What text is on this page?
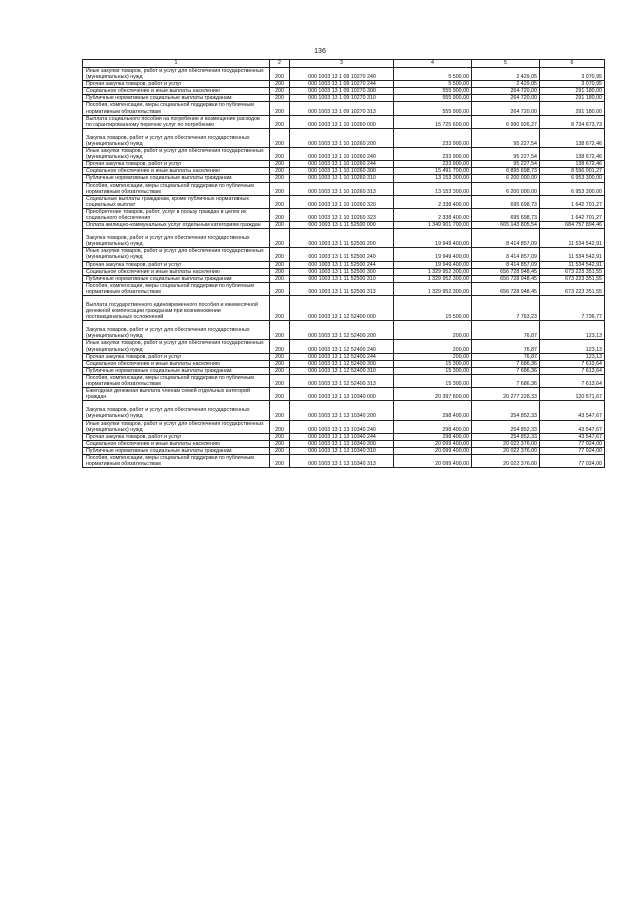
136
1	2	3	4	5	6
Иные закупки товаров, работ и услуг для обеспечения государственных (муниципальных) нужд	200	000 1003 13 1 09 10270 240	5 500,00	2 429,05	3 070,95
Прочая закупка товаров, работ и услуг	200	000 1003 13 1 09 10270 244	5 500,00	2 429,05	3 070,95
Социальное обеспечение и иные выплаты населению	200	000 1003 13 1 09 10270 300	555 900,00	264 720,00	291 180,00
Публичные нормативные социальные выплаты гражданам	200	000 1003 13 1 09 10270 310	555 900,00	264 720,00	291 180,00
Пособия, компенсации, меры социальной поддержки по публичным нормативным обязательствам	200	000 1003 13 1 09 10270 313	555 900,00	264 720,00	291 180,00
Выплата социального пособия на погребение и возмещение расходов по гарантированному перечню услуг по погребению	200	000 1003 13 1 10 10260 000	15 725 600,00	6 990 926,27	8 734 673,73
Закупка товаров, работ и услуг для обеспечения государственных (муниципальных) нужд	200	000 1003 13 1 10 10260 200	233 900,00	95 227,54	138 672,46
Иные закупки товаров, работ и услуг для обеспечения государственных (муниципальных) нужд	200	000 1003 13 1 10 10260 240	233 900,00	95 227,54	138 672,46
Прочая закупка товаров, работ и услуг	200	000 1003 13 1 10 10260 244	233 900,00	95 227,54	138 672,46
Социальное обеспечение и иные выплаты населению	200	000 1003 13 1 10 10260 300	15 491 700,00	6 895 698,73	8 596 001,27
Публичные нормативные социальные выплаты гражданам	200	000 1003 13 1 10 10260 310	13 153 300,00	6 200 000,00	6 953 300,00
Пособия, компенсации, меры социальной поддержки по публичным нормативным обязательствам	200	000 1003 13 1 10 10260 313	13 153 300,00	6 200 000,00	6 953 300,00
Социальные выплаты гражданам, кроме публичных нормативных социальных выплат	200	000 1003 13 1 10 10260 320	2 338 400,00	695 698,73	1 642 701,27
Приобретение товаров, работ, услуг в пользу граждан в целях их социального обеспечения	200	000 1003 13 1 10 10260 323	2 338 400,00	695 698,73	1 642 701,27
Оплата жилищно-коммунальных услуг отдельным категориям граждан	200	000 1003 13 1 11 52500 000	1 349 901 700,00	665 143 805,54	684 757 894,46
Закупка товаров, работ и услуг для обеспечения государственных (муниципальных) нужд	200	000 1003 13 1 11 52500 200	19 949 400,00	8 414 857,09	11 534 542,91
Иные закупки товаров, работ и услуг для обеспечения государственных (муниципальных) нужд	200	000 1003 13 1 11 52500 240	19 949 400,00	8 414 857,09	11 534 542,91
Прочая закупка товаров, работ и услуг	200	000 1003 13 1 11 52500 244	19 949 400,00	8 414 857,09	11 534 542,91
Социальное обеспечение и иные выплаты населению	200	000 1003 13 1 11 52500 300	1 329 952 300,00	656 728 948,45	673 223 351,55
Публичные нормативные социальные выплаты гражданам	200	000 1003 13 1 11 52500 310	1 329 952 300,00	656 728 948,45	673 223 351,55
Пособия, компенсации, меры социальной поддержки по публичным нормативным обязательствам	200	000 1003 13 1 11 52500 313	1 329 952 300,00	656 728 948,45	673 223 351,55
Выплата государственного единовременного пособия и ежемесячной денежной компенсации гражданам при возникновении поствакцинальных осложнений	200	000 1003 13 1 12 52400 000	15 500,00	7 763,23	7 736,77
Закупка товаров, работ и услуг для обеспечения государственных (муниципальных) нужд	200	000 1003 13 1 12 52400 200	200,00	76,87	123,13
Иные закупки товаров, работ и услуг для обеспечения государственных (муниципальных) нужд	200	000 1003 13 1 12 52400 240	200,00	76,87	123,13
Прочая закупка товаров, работ и услуг	200	000 1003 13 1 12 52400 244	200,00	76,87	123,13
Социальное обеспечение и иные выплаты населению	200	000 1003 13 1 12 52400 300	15 300,00	7 686,36	7 613,64
Публичные нормативные социальные выплаты гражданам	200	000 1003 13 1 12 52400 310	15 300,00	7 686,36	7 613,64
Пособия, компенсации, меры социальной поддержки по публичным нормативным обязательствам	200	000 1003 13 1 12 52400 313	15 300,00	7 686,36	7 613,64
Ежегодная денежная выплата членам семей отдельных категорий граждан	200	000 1003 13 1 13 10340 000	20 397 800,00	20 277 228,33	120 571,67
Закупка товаров, работ и услуг для обеспечения государственных (муниципальных) нужд	200	000 1003 13 1 13 10340 200	298 400,00	254 852,33	43 547,67
Иные закупки товаров, работ и услуг для обеспечения государственных (муниципальных) нужд	200	000 1003 13 1 13 10340 240	298 400,00	254 852,33	43 547,67
Прочая закупка товаров, работ и услуг	200	000 1003 13 1 13 10340 244	298 400,00	254 852,33	43 547,67
Социальное обеспечение и иные выплаты населению	200	000 1003 13 1 13 10340 300	20 099 400,00	20 022 376,00	77 024,00
Публичные нормативные социальные выплаты гражданам	200	000 1003 13 1 13 10340 310	20 099 400,00	20 022 376,00	77 024,00
Пособия, компенсации, меры социальной поддержки по публичным нормативным обязательствам	200	000 1003 13 1 13 10340 313	20 099 400,00	20 022 376,00	77 024,00
